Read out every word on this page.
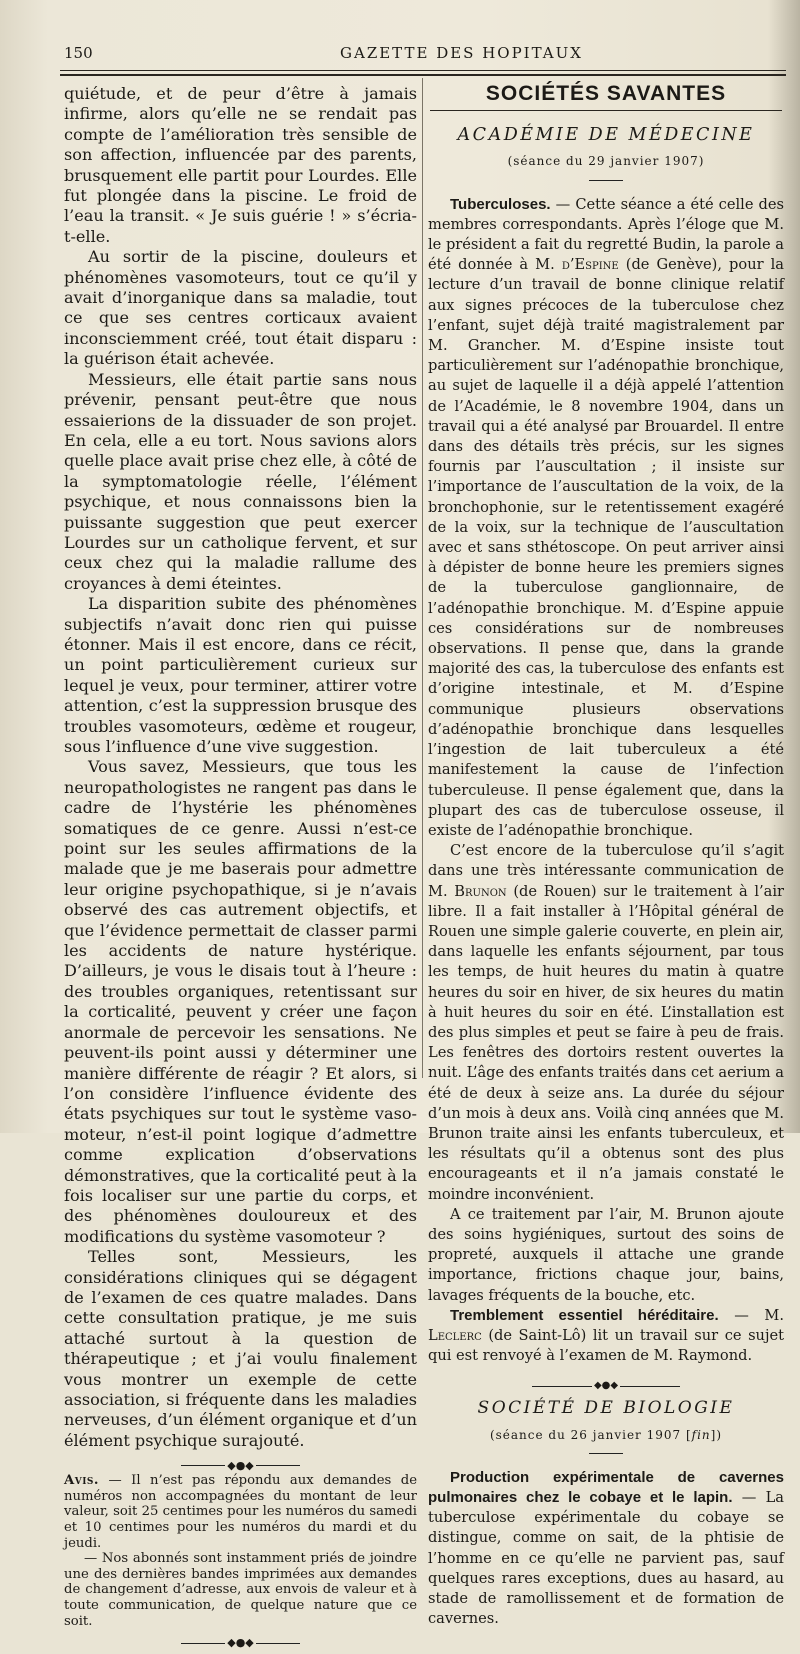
150	GAZETTE DES HOPITAUX

quiétude, et de peur d’être à jamais infirme, alors qu’elle ne se rendait pas compte de l’amélioration très sensible de son affection, influencée par des parents, brusquement elle partit pour Lourdes. Elle fut plongée dans la piscine. Le froid de l’eau la transit. « Je suis guérie ! » s’écria-t-elle.

Au sortir de la piscine, douleurs et phénomènes vasomoteurs, tout ce qu’il y avait d’inorganique dans sa maladie, tout ce que ses centres corticaux avaient inconsciemment créé, tout était disparu : la guérison était achevée.

Messieurs, elle était partie sans nous prévenir, pensant peut-être que nous essaierions de la dissuader de son projet. En cela, elle a eu tort. Nous savions alors quelle place avait prise chez elle, à côté de la symptomatologie réelle, l’élément psychique, et nous connaissons bien la puissante suggestion que peut exercer Lourdes sur un catholique fervent, et sur ceux chez qui la maladie rallume des croyances à demi éteintes.

La disparition subite des phénomènes subjectifs n’avait donc rien qui puisse étonner. Mais il est encore, dans ce récit, un point particulièrement curieux sur lequel je veux, pour terminer, attirer votre attention, c’est la suppression brusque des troubles vasomoteurs, œdème et rougeur, sous l’influence d’une vive suggestion.

Vous savez, Messieurs, que tous les neuropathologistes ne rangent pas dans le cadre de l’hystérie les phénomènes somatiques de ce genre. Aussi n’est-ce point sur les seules affirmations de la malade que je me baserais pour admettre leur origine psychopathique, si je n’avais observé des cas autrement objectifs, et que l’évidence permettait de classer parmi les accidents de nature hystérique. D’ailleurs, je vous le disais tout à l’heure : des troubles organiques, retentissant sur la corticalité, peuvent y créer une façon anormale de percevoir les sensations. Ne peuvent-ils point aussi y déterminer une manière différente de réagir ? Et alors, si l’on considère l’influence évidente des états psychiques sur tout le système vaso-moteur, n’est-il point logique d’admettre comme explication d’observations démonstratives, que la corticalité peut à la fois localiser sur une partie du corps, et des phénomènes douloureux et des modifications du système vasomoteur ?

Telles sont, Messieurs, les considérations cliniques qui se dégagent de l’examen de ces quatre malades. Dans cette consultation pratique, je me suis attaché surtout à la question de thérapeutique ; et j’ai voulu finalement vous montrer un exemple de cette association, si fréquente dans les maladies nerveuses, d’un élément organique et d’un élément psychique surajouté.

◆●◆

Avis. — Il n’est pas répondu aux demandes de numéros non accompagnées du montant de leur valeur, soit 25 centimes pour les numéros du samedi et 10 centimes pour les numéros du mardi et du jeudi.

— Nos abonnés sont instamment priés de joindre une des dernières bandes imprimées aux demandes de changement d’adresse, aux envois de valeur et à toute communication, de quelque nature que ce soit.

◆●◆
SOCIÉTÉS SAVANTES
ACADÉMIE DE MÉDECINE
(séance du 29 janvier 1907)

Tuberculoses. — Cette séance a été celle des membres correspondants. Après l’éloge que M. le président a fait du regretté Budin, la parole a été donnée à M. d’Espine (de Genève), pour la lecture d’un travail de bonne clinique relatif aux signes précoces de la tuberculose chez l’enfant, sujet déjà traité magistralement par M. Grancher. M. d’Espine insiste tout particulièrement sur l’adénopathie bronchique, au sujet de laquelle il a déjà appelé l’attention de l’Académie, le 8 novembre 1904, dans un travail qui a été analysé par Brouardel. Il entre dans des détails très précis, sur les signes fournis par l’auscultation ; il insiste sur l’importance de l’auscultation de la voix, de la bronchophonie, sur le retentissement exagéré de la voix, sur la technique de l’auscultation avec et sans sthétoscope. On peut arriver ainsi à dépister de bonne heure les premiers signes de la tuberculose ganglionnaire, de l’adénopathie bronchique. M. d’Espine appuie ces considérations sur de nombreuses observations. Il pense que, dans la grande majorité des cas, la tuberculose des enfants est d’origine intestinale, et M. d’Espine communique plusieurs observations d’adénopathie bronchique dans lesquelles l’ingestion de lait tuberculeux a été manifestement la cause de l’infection tuberculeuse. Il pense également que, dans la plupart des cas de tuberculose osseuse, il existe de l’adénopathie bronchique.

C’est encore de la tuberculose qu’il s’agit dans une très intéressante communication de M. Brunon (de Rouen) sur le traitement à l’air libre. Il a fait installer à l’Hôpital général de Rouen une simple galerie couverte, en plein air, dans laquelle les enfants séjournent, par tous les temps, de huit heures du matin à quatre heures du soir en hiver, de six heures du matin à huit heures du soir en été. L’installation est des plus simples et peut se faire à peu de frais. Les fenêtres des dortoirs restent ouvertes la nuit. L’âge des enfants traités dans cet aerium a été de deux à seize ans. La durée du séjour d’un mois à deux ans. Voilà cinq années que M. Brunon traite ainsi les enfants tuberculeux, et les résultats qu’il a obtenus sont des plus encourageants et il n’a jamais constaté le moindre inconvénient.

A ce traitement par l’air, M. Brunon ajoute des soins hygiéniques, surtout des soins de propreté, auxquels il attache une grande importance, frictions chaque jour, bains, lavages fréquents de la bouche, etc.

Tremblement essentiel héréditaire. — M. Leclerc (de Saint-Lô) lit un travail sur ce sujet qui est renvoyé à l’examen de M. Raymond.

◆●◆
SOCIÉTÉ DE BIOLOGIE
(séance du 26 janvier 1907 [fin])

Production expérimentale de cavernes pulmonaires chez le cobaye et le lapin. — La tuberculose expérimentale du cobaye se distingue, comme on sait, de la phtisie de l’homme en ce qu’elle ne parvient pas, sauf quelques rares exceptions, dues au hasard, au stade de ramollissement et de formation de cavernes.
